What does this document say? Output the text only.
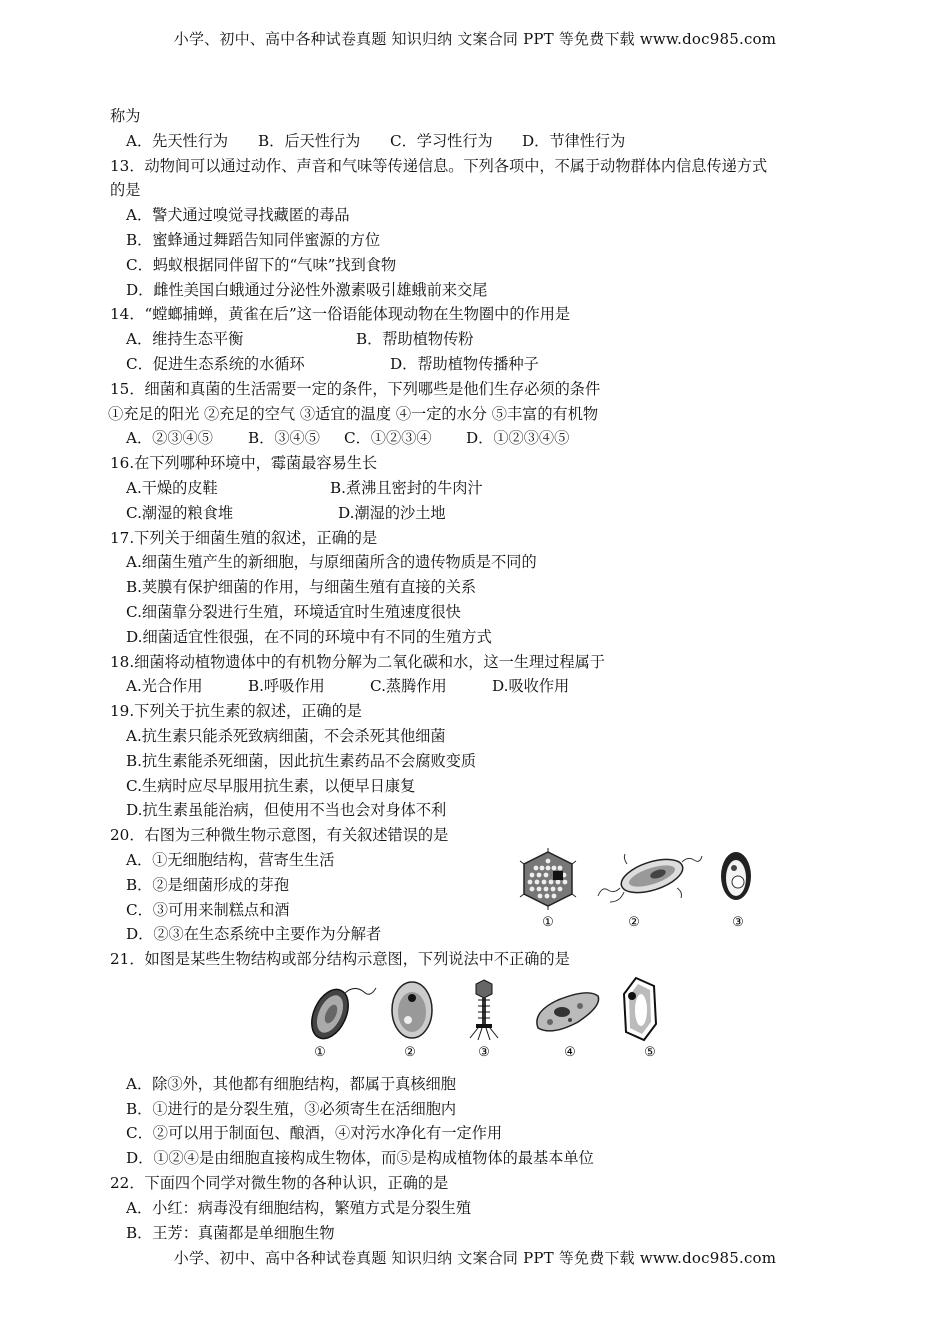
小学、初中、高中各种试卷真题 知识归纳 文案合同 PPT 等免费下载 www.doc985.com
称为
A．先天性行为	B．后天性行为	C．学习性行为	D．节律性行为
13．动物间可以通过动作、声音和气味等传递信息。下列各项中，不属于动物群体内信息传递方式
的是
A．警犬通过嗅觉寻找藏匿的毒品
B．蜜蜂通过舞蹈告知同伴蜜源的方位
C．蚂蚁根据同伴留下的“气味”找到食物
D．雌性美国白蛾通过分泌性外激素吸引雄蛾前来交尾
14．“螳螂捕蝉，黄雀在后”这一俗语能体现动物在生物圈中的作用是
A．维持生态平衡	B．帮助植物传粉
C．促进生态系统的水循环	D．帮助植物传播种子
15．细菌和真菌的生活需要一定的条件，下列哪些是他们生存必须的条件
①充足的阳光 ②充足的空气 ③适宜的温度 ④一定的水分 ⑤丰富的有机物
A．②③④⑤	B．③④⑤	C．①②③④	D．①②③④⑤
16.在下列哪种环境中，霉菌最容易生长
A.干燥的皮鞋	B.煮沸且密封的牛肉汁
C.潮湿的粮食堆	D.潮湿的沙土地
17.下列关于细菌生殖的叙述，正确的是
A.细菌生殖产生的新细胞，与原细菌所含的遗传物质是不同的
B.荚膜有保护细菌的作用，与细菌生殖有直接的关系
C.细菌靠分裂进行生殖，环境适宜时生殖速度很快
D.细菌适宜性很强，在不同的环境中有不同的生殖方式
18.细菌将动植物遗体中的有机物分解为二氧化碳和水，这一生理过程属于
A.光合作用	B.呼吸作用	C.蒸腾作用	D.吸收作用
19.下列关于抗生素的叙述，正确的是
A.抗生素只能杀死致病细菌，不会杀死其他细菌
B.抗生素能杀死细菌，因此抗生素药品不会腐败变质
C.生病时应尽早服用抗生素，以便早日康复
D.抗生素虽能治病，但使用不当也会对身体不利
20．右图为三种微生物示意图，有关叙述错误的是
A．①无细胞结构，营寄生生活
B．②是细菌形成的芽孢
C．③可用来制糕点和酒
D．②③在生态系统中主要作为分解者
21．如图是某些生物结构或部分结构示意图，下列说法中不正确的是
A．除③外，其他都有细胞结构，都属于真核细胞
B．①进行的是分裂生殖，③必须寄生在活细胞内
C．②可以用于制面包、酿酒，④对污水净化有一定作用
D．①②④是由细胞直接构成生物体，而⑤是构成植物体的最基本单位
22．下面四个同学对微生物的各种认识，正确的是
A．小红：病毒没有细胞结构，繁殖方式是分裂生殖
B．王芳：真菌都是单细胞生物
①	②	③
①	②	③	④	⑤
小学、初中、高中各种试卷真题 知识归纳 文案合同 PPT 等免费下载 www.doc985.com
